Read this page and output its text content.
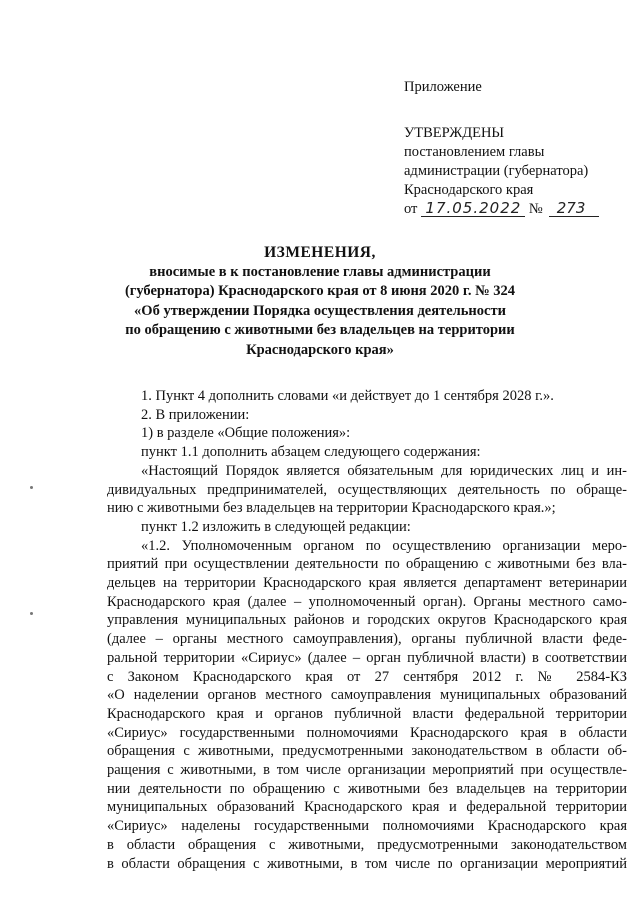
Приложение
УТВЕРЖДЕНЫ
постановлением главы
администрации (губернатора)
Краснодарского края
от 17.05.2022 № 273
ИЗМЕНЕНИЯ,
вносимые в к постановление главы администрации
(губернатора) Краснодарского края от 8 июня 2020 г. № 324
«Об утверждении Порядка осуществления деятельности
по обращению с животными без владельцев на территории
Краснодарского края»

1. Пункт 4 дополнить словами «и действует до 1 сентября 2028 г.».

2. В приложении:

1) в разделе «Общие положения»:

пункт 1.1 дополнить абзацем следующего содержания:

«Настоящий Порядок является обязательным для юридических лиц и ин-

дивидуальных предпринимателей, осуществляющих деятельность по обраще-

нию с животными без владельцев на территории Краснодарского края.»;

пункт 1.2 изложить в следующей редакции:

«1.2. Уполномоченным органом по осуществлению организации меро-

приятий при осуществлении деятельности по обращению с животными без вла-

дельцев на территории Краснодарского края является департамент ветеринарии

Краснодарского края (далее – уполномоченный орган). Органы местного само-

управления муниципальных районов и городских округов Краснодарского края

(далее – органы местного самоуправления), органы публичной власти феде-

ральной территории «Сириус» (далее – орган публичной власти) в соответствии

с Законом Краснодарского края от 27 сентября 2012 г. № 2584-КЗ

«О наделении органов местного самоуправления муниципальных образований

Краснодарского края и органов публичной власти федеральной территории

«Сириус» государственными полномочиями Краснодарского края в области

обращения с животными, предусмотренными законодательством в области об-

ращения с животными, в том числе организации мероприятий при осуществле-

нии деятельности по обращению с животными без владельцев на территории

муниципальных образований Краснодарского края и федеральной территории

«Сириус» наделены государственными полномочиями Краснодарского края

в области обращения с животными, предусмотренными законодательством

в области обращения с животными, в том числе по организации мероприятий
